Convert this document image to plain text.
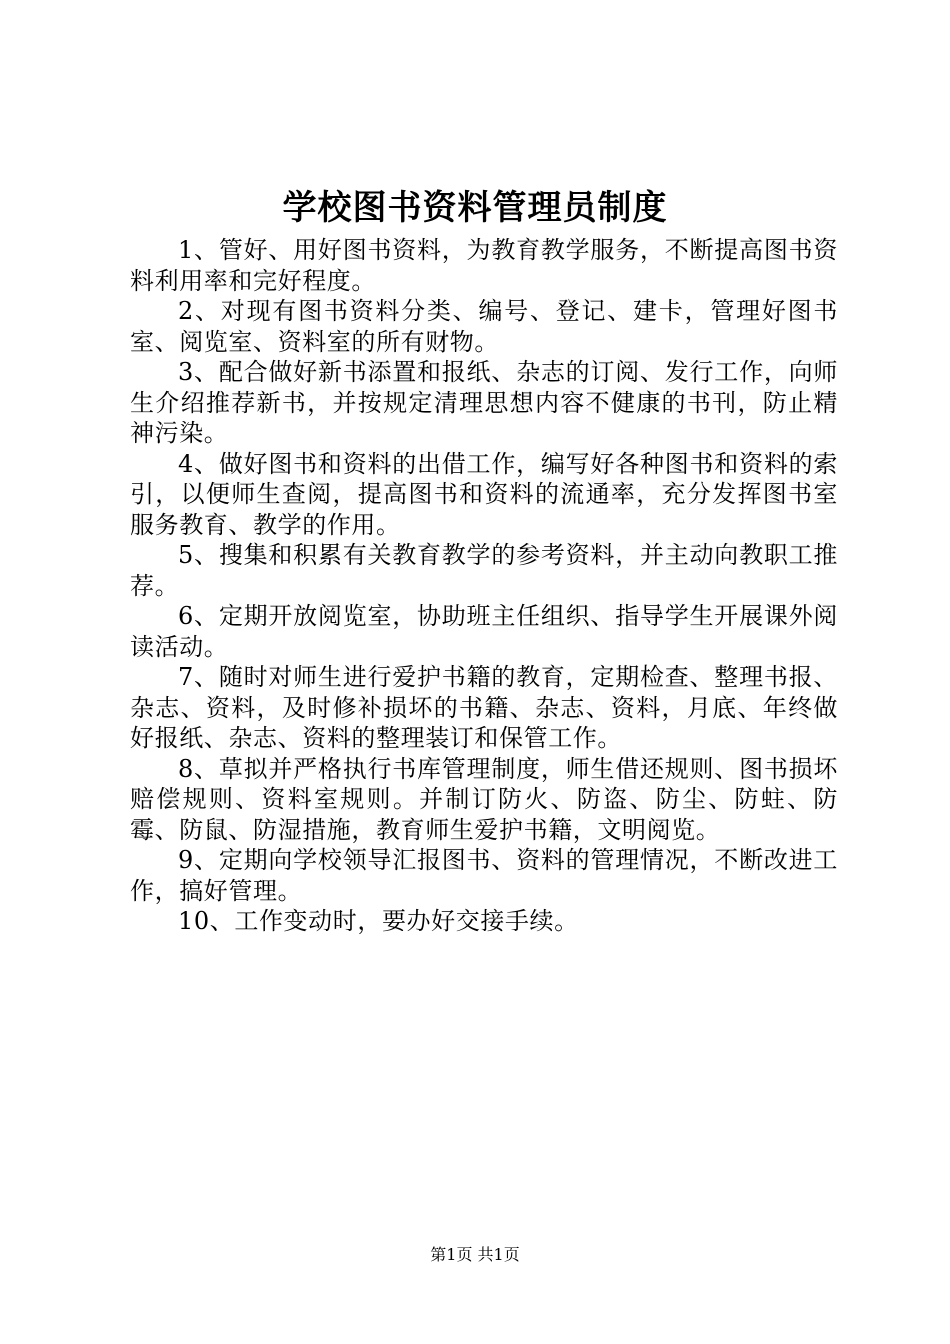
学校图书资料管理员制度

1、管好、用好图书资料，为教育教学服务，不断提高图书资料利用率和完好程度。

2、对现有图书资料分类、编号、登记、建卡，管理好图书室、阅览室、资料室的所有财物。

3、配合做好新书添置和报纸、杂志的订阅、发行工作，向师生介绍推荐新书，并按规定清理思想内容不健康的书刊，防止精神污染。

4、做好图书和资料的出借工作，编写好各种图书和资料的索引，以便师生查阅，提高图书和资料的流通率，充分发挥图书室服务教育、教学的作用。

5、搜集和积累有关教育教学的参考资料，并主动向教职工推荐。

6、定期开放阅览室，协助班主任组织、指导学生开展课外阅读活动。

7、随时对师生进行爱护书籍的教育，定期检查、整理书报、杂志、资料，及时修补损坏的书籍、杂志、资料，月底、年终做好报纸、杂志、资料的整理装订和保管工作。

8、草拟并严格执行书库管理制度，师生借还规则、图书损坏赔偿规则、资料室规则。并制订防火、防盗、防尘、防蛀、防霉、防鼠、防湿措施，教育师生爱护书籍，文明阅览。

9、定期向学校领导汇报图书、资料的管理情况，不断改进工作，搞好管理。

10、工作变动时，要办好交接手续。

第1页 共1页
